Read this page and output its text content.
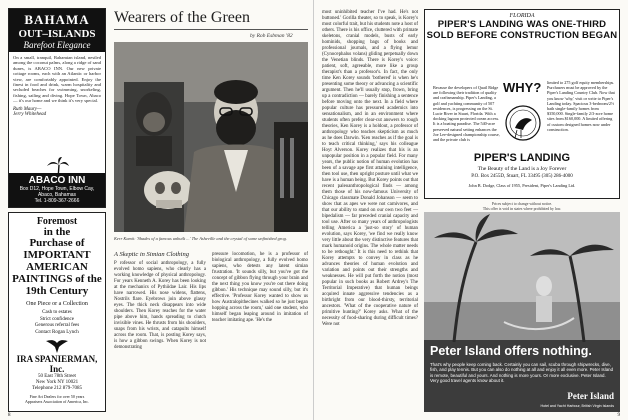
BAHAMA
OUT–ISLANDS
Barefoot Elegance
On a small, tranquil, Bahamian island, nestled among the coconut palms, along a ridge of sand dunes, is ABACO INN. Our new private cottage rooms, each with an Atlantic or harbor view, are comfortably appointed. Enjoy the finest in food and drink, warm hospitality and secluded beaches for swimming, snorkeling, fishing, sailing and diving. Hope Town, Abaco — it's our home and we think it's very special.
Ruth Maury—
Jerry Whitehead
ABACO INN
Box D12, Hope Town, Elbow Cay,
Abaco, Bahamas
Tel. 1-809-367-2666
Foremost
in the
Purchase of
IMPORTANT AMERICAN PAINTINGS of the 19th Century
One Piece or a Collection
Cash to estates
Strict confidence
Generous referral fees
Contact Rogan Lynch
IRA SPANIERMAN, Inc.
50 East 78th Street
New York NY 10021
Telephone 212 879-7085
Fine Art Dealers for over 50 years
Appraisers Association of America, Inc.
Wearers of the Green
by Rob Esbman '82
Kerr Kamii: 'Shades of a famous unbuilt ...' The Asheville and the crystal of some unfinished grog.
A Skeptic in Simian Clothing
P rofessor of social anthropology, a fully evolved homo sapiens, who clearly has a working knowledge of physical anthropology. For years Kenneth A. Korey has been looking at the mechanics of Pythiidae Lair. His lips have narrowed. His nose widens, flattens, Nostrils flare. Eyebrows join above glassy eyes. The thick neck disappears into wide shoulders. Then Korey reaches for the water pipe above him, hands spreading to clutch invisible vines. He thrusts from his shoulders, snaps from his wrists, and catapults himself across the room. That, is posting Korey says, is how a gibbon swings. When Korey is not demonstrating
pressure locomotion, he is a professor of biological anthropology, a fully evolved homo sapiens, who detests any latent simian frustration. 'It sounds silly, but you've got the concept of gibbon flying through your brain and the next thing you know you're out there doing gibbon.' His technique may sound silly, but it's effective. 'Professor Korey wanted to show us how Australopithecines walked so he just began hopping across the room,' said one student, who himself began leaping around in imitation of teacher imitating ape. 'He's the
8
most uninhibited teacher I've had. He's not buttoned.' Gorilla theater, so to speak, is Korey's most colorful trait, but his students note a host of others. There is his office, cluttered with primate skeletons, cranial models, busts of early hominids, shopping bags of books and professional journals, and a flying lemur (Cynocephalus volans) gliding perpetually down the Venetian blinds. There is Korey's voice: patient, soft, agreeable, more like a group therapist's than a professor's. In fact, the only time Ken Korey sounds 'bothered' is when he's presenting some theory or advancing a scientific argument. Then he'll usually stop, frown, bring up a contradiction — barely finishing a sentence before moving onto the next. In a field where popular culture has pressured academics into sensationalism, and in an environment where students often prefer clear-cut answers to rough theories, Ken Korey is a holdout, a professor of anthropology who teaches skepticism as much as he does Darwin. 'Ken reaches as if the goal is to teach critical thinking,' says his colleague Hoyt Alverson. Korey realizes that his is an unpopular position in a popular field. For many years, the public notion of human evolution has been of a savage ape first attaining intelligence, then tool use, then upright posture until what we have is a human being. But Korey points out that recent paleoanthropological finds — among them those of his now-famous University of Chicago classmate Donald Johanson — seem to show that as apes we were not carnivores, and that our ability to stand on our own two feet — bipedalism — far preceded cranial capacity and tool use. After so many years of anthropologists telling America a 'just-so story' of human evolution, says Korey, 'we find we really know very little about the very distinctive features that mark humanoid origins. The whole matter needs to be rethought.' It is this need to rethink that Korey attempts to convey in class as he advances theories of human evolution and variation and points out their strengths and weaknesses. He will put forth the notion (most popular in such books as Robert Ardrey's The Territorial Imperative) that human beings acquired innate aggressive tendencies as a birthright from our blood-thirsty, territorial ancestors. 'What of the cooperative nature of primitive hunting?' Korey asks. What of the necessity of food-sharing during difficult times? Were not
FLORIDA
PIPER'S LANDING WAS ONE-THIRD SOLD BEFORE CONSTRUCTION BEGAN
WHY?
Because the developers of Quail Ridge are following their tradition of quality and craftsmanship. Piper's Landing, a golf and yachting community of 507 residences, is progressing on the St. Lucie River in Stuart, Florida. With a docking lagoon protected ocean access. It is a boating paradise. The 540-acre preserved natural setting enhances the Joe Lee-designed championship course, and the private club is
limited to 275 golf equity memberships. Purchasers must be approved by the Piper's Landing Country Club. Now that you know 'why,' visit or write to Piper's Landing today. Spacious 3-bedroom/2½ bath single-family homes from $350,000. Single-family 2/3-acre home sites from $160,000. A limited offering of custom designed homes now under construction.
PIPER'S LANDING
The Beauty of the Land is a Joy Forever
P.O. Box 2455D, Stuart, FL 33495 (305) 286-4000
John B. Dodge, Class of 1955, President, Piper's Landing Ltd.
Prices subject to change without notice.
This offer is void in states where prohibited by law.
Peter Island offers nothing.
That's why people keep coming back. Certainly you can sail, scuba through shipwrecks, dive, fish, and play tennis. But you can also do nothing at all and enjoy it all even more. Peter Island is remote, beautiful and yours. And nothing is more yours. Or more exclusive. Peter Island. Very good travel agents know about it.
Peter Island
Hotel and Yacht Harbour, British Virgin Islands
9
